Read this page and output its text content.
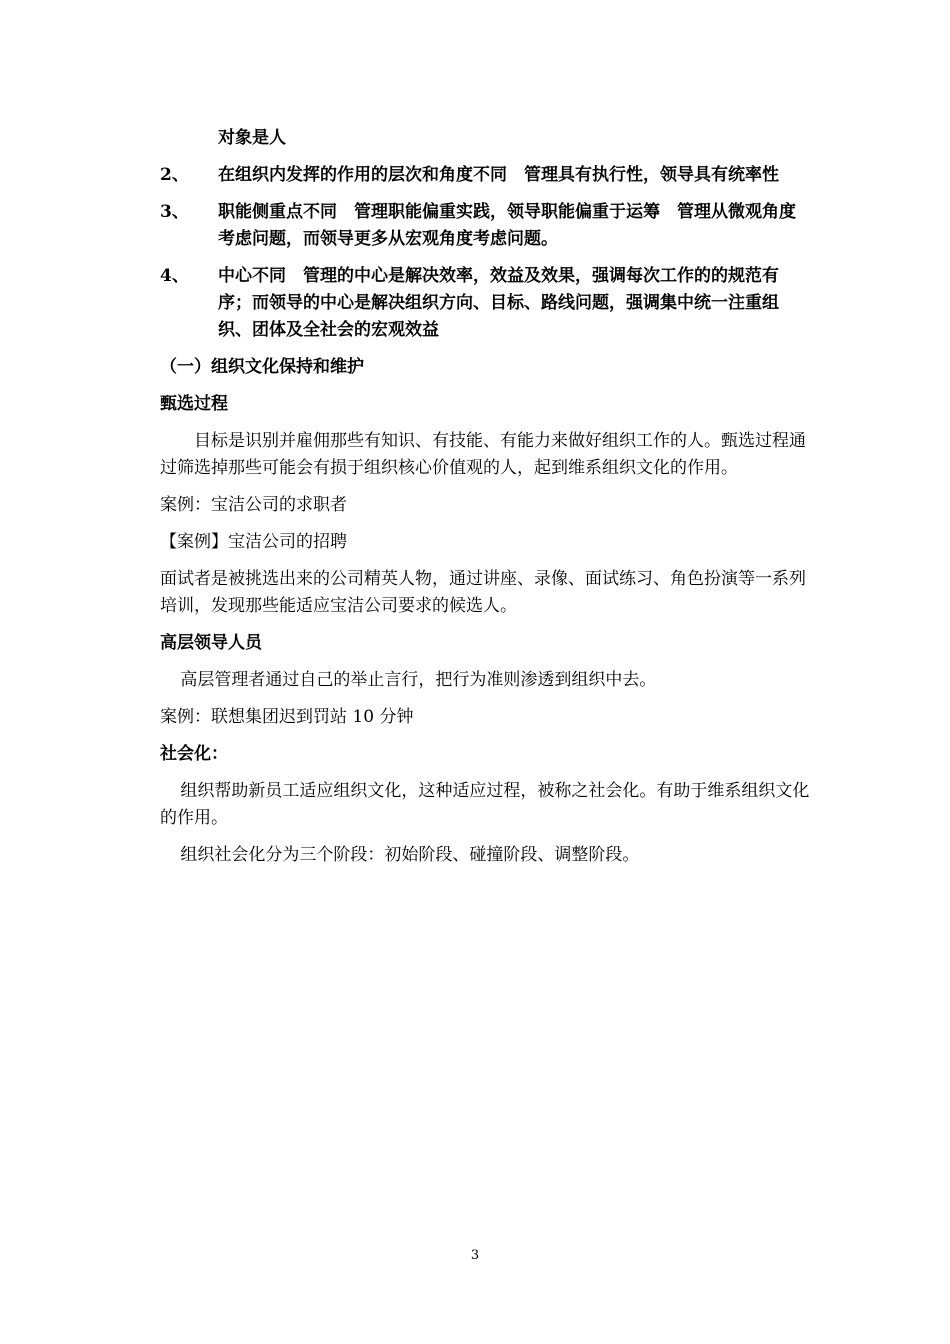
对象是人
2、	在组织内发挥的作用的层次和角度不同　管理具有执行性，领导具有统率性
3、	职能侧重点不同　管理职能偏重实践，领导职能偏重于运筹　管理从微观角度考虑问题，而领导更多从宏观角度考虑问题。
4、	中心不同　管理的中心是解决效率，效益及效果，强调每次工作的的规范有序；而领导的中心是解决组织方向、目标、路线问题，强调集中统一注重组织、团体及全社会的宏观效益
（一）组织文化保持和维护
甄选过程
目标是识别并雇佣那些有知识、有技能、有能力来做好组织工作的人。甄选过程通过筛选掉那些可能会有损于组织核心价值观的人，起到维系组织文化的作用。
案例：宝洁公司的求职者
【案例】宝洁公司的招聘
面试者是被挑选出来的公司精英人物，通过讲座、录像、面试练习、角色扮演等一系列培训，发现那些能适应宝洁公司要求的候选人。
高层领导人员
高层管理者通过自己的举止言行，把行为准则渗透到组织中去。
案例：联想集团迟到罚站 10 分钟
社会化：
组织帮助新员工适应组织文化，这种适应过程，被称之社会化。有助于维系组织文化的作用。
组织社会化分为三个阶段：初始阶段、碰撞阶段、调整阶段。
3
